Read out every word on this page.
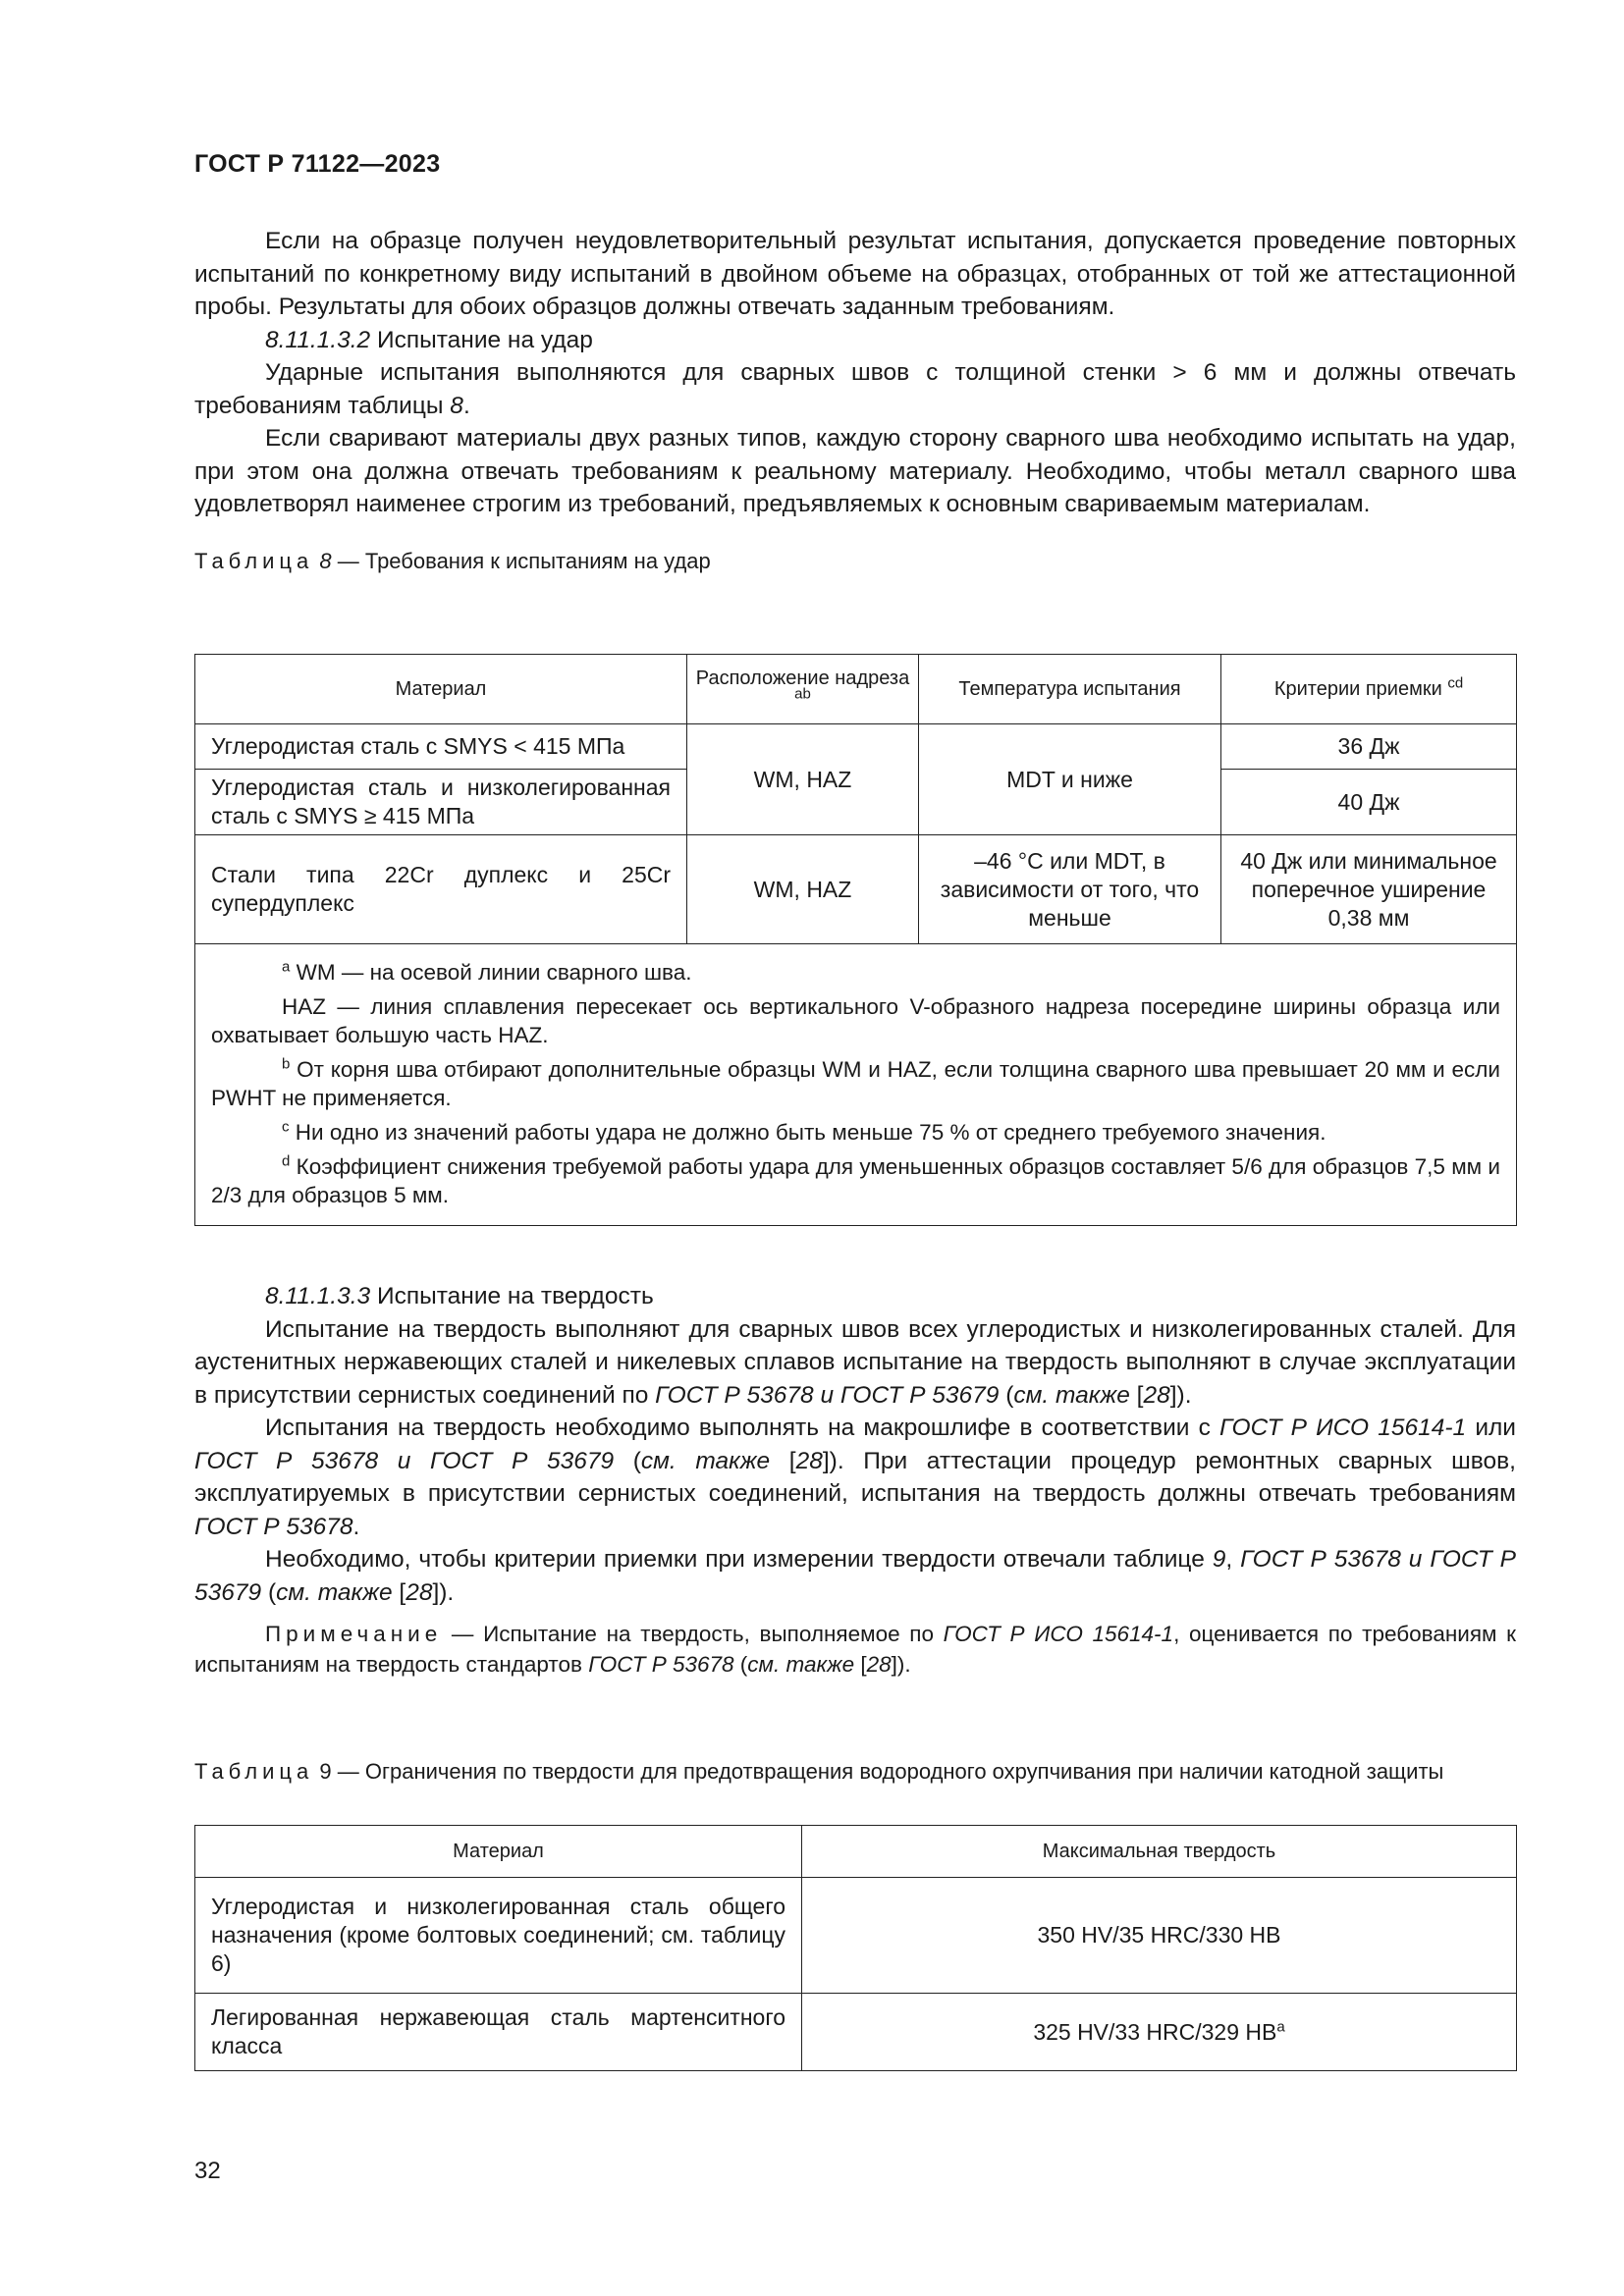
ГОСТ Р 71122—2023

Если на образце получен неудовлетворительный результат испытания, допускается проведение повторных испытаний по конкретному виду испытаний в двойном объеме на образцах, отобранных от той же аттестационной пробы. Результаты для обоих образцов должны отвечать заданным требованиям.

8.11.1.3.2 Испытание на удар

Ударные испытания выполняются для сварных швов с толщиной стенки > 6 мм и должны отвечать требованиям таблицы 8.

Если сваривают материалы двух разных типов, каждую сторону сварного шва необходимо испытать на удар, при этом она должна отвечать требованиям к реальному материалу. Необходимо, чтобы металл сварного шва удовлетворял наименее строгим из требований, предъявляемых к основным свариваемым материалам.

Таблица 8 — Требования к испытаниям на удар

Материал	Расположение надреза $^{ab}$	Температура испытания	Критерии приемки $^{cd}$
Углеродистая сталь с SMYS < 415 МПа	WM, HAZ	MDT и ниже	36 Дж
Углеродистая сталь и низколегированная сталь с SMYS ≥ 415 МПа			40 Дж
Стали типа 22Cr дуплекс и 25Cr супердуплекс	WM, HAZ	–46 °C или MDT, в зависимости от того, что меньше	40 Дж или минимальное поперечное уширение 0,38 мм

$^a$ WM — на осевой линии сварного шва.

HAZ — линия сплавления пересекает ось вертикального V-образного надреза посередине ширины образца или охватывает большую часть HAZ.

$^b$ От корня шва отбирают дополнительные образцы WM и HAZ, если толщина сварного шва превышает 20 мм и если PWHT не применяется.

$^c$ Ни одно из значений работы удара не должно быть меньше 75 % от среднего требуемого значения.

$^d$ Коэффициент снижения требуемой работы удара для уменьшенных образцов составляет 5/6 для образцов 7,5 мм и 2/3 для образцов 5 мм.			

8.11.1.3.3 Испытание на твердость

Испытание на твердость выполняют для сварных швов всех углеродистых и низколегированных сталей. Для аустенитных нержавеющих сталей и никелевых сплавов испытание на твердость выполняют в случае эксплуатации в присутствии сернистых соединений по ГОСТ Р 53678 и ГОСТ Р 53679 (см. также [28]).

Испытания на твердость необходимо выполнять на макрошлифе в соответствии с ГОСТ Р ИСО 15614-1 или ГОСТ Р 53678 и ГОСТ Р 53679 (см. также [28]). При аттестации процедур ремонтных сварных швов, эксплуатируемых в присутствии сернистых соединений, испытания на твердость должны отвечать требованиям ГОСТ Р 53678.

Необходимо, чтобы критерии приемки при измерении твердости отвечали таблице 9, ГОСТ Р 53678 и ГОСТ Р 53679 (см. также [28]).

Примечание — Испытание на твердость, выполняемое по ГОСТ Р ИСО 15614-1, оценивается по требованиям к испытаниям на твердость стандартов ГОСТ Р 53678 (см. также [28]).

Таблица 9 — Ограничения по твердости для предотвращения водородного охрупчивания при наличии катодной защиты

Материал	Максимальная твердость
Углеродистая и низколегированная сталь общего назначения (кроме болтовых соединений; см. таблицу 6)	350 HV/35 HRC/330 HB
Легированная нержавеющая сталь мартенситного класса	325 HV/33 HRC/329 $HB^a$
32
